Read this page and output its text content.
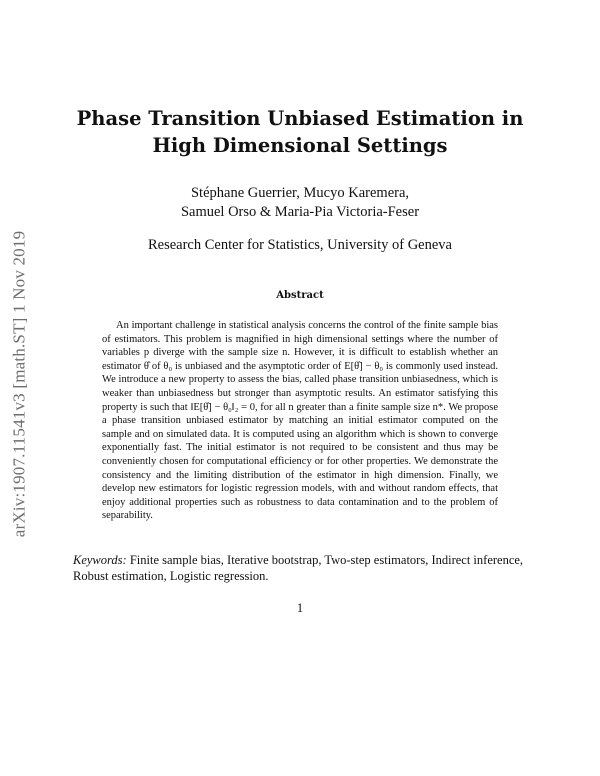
arXiv:1907.11541v3 [math.ST] 1 Nov 2019
Phase Transition Unbiased Estimation in
High Dimensional Settings
Stéphane Guerrier, Mucyo Karemera,
Samuel Orso & Maria-Pia Victoria-Feser
Research Center for Statistics, University of Geneva
Abstract

An important challenge in statistical analysis concerns the control of the finite sample bias of estimators. This problem is magnified in high dimensional settings where the number of variables p diverge with the sample size n. However, it is difficult to establish whether an estimator θ̂ of θ₀ is unbiased and the asymptotic order of E[θ̂] − θ₀ is commonly used instead. We introduce a new property to assess the bias, called phase transition unbiasedness, which is weaker than unbiasedness but stronger than asymptotic results. An estimator satisfying this property is such that ‖E[θ̂] − θ₀‖₂ = 0, for all n greater than a finite sample size n*. We propose a phase transition unbiased estimator by matching an initial estimator computed on the sample and on simulated data. It is computed using an algorithm which is shown to converge exponentially fast. The initial estimator is not required to be consistent and thus may be conveniently chosen for computational efficiency or for other properties. We demonstrate the consistency and the limiting distribution of the estimator in high dimension. Finally, we develop new estimators for logistic regression models, with and without random effects, that enjoy additional properties such as robustness to data contamination and to the problem of separability.

Keywords: Finite sample bias, Iterative bootstrap, Two-step estimators, Indirect inference, Robust estimation, Logistic regression.

1
